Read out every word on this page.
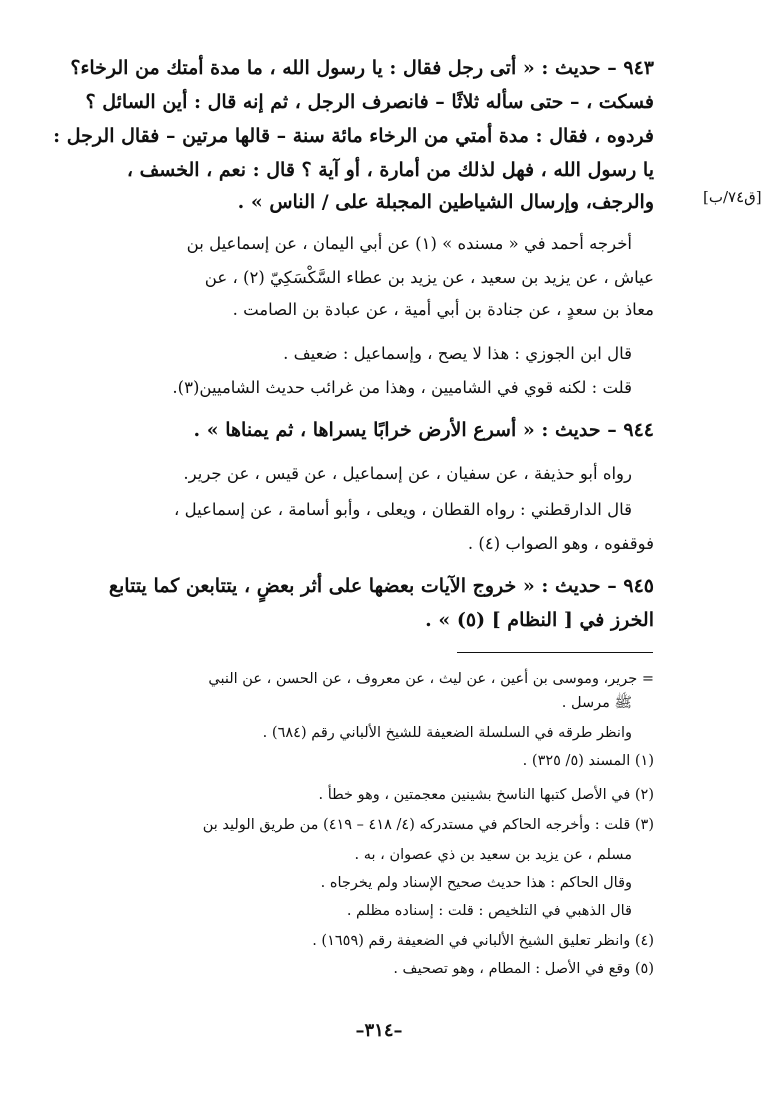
٩٤٣ – حديث : « أتى رجل فقال : يا رسول الله ، ما مدة أمتك من الرخاء؟
فسكت ، – حتى سأله ثلاثًا – فانصرف الرجل ، ثم إنه قال : أين السائل ؟
فردوه ، فقال : مدة أمتي من الرخاء مائة سنة – قالها مرتين – فقال الرجل :
يا رسول الله ، فهل لذلك من أمارة ، أو آية ؟ قال : نعم ، الخسف ،
والرجف، وإرسال الشياطين المجبلة على / الناس » .	[ق٧٤/ب]
أخرجه أحمد في « مسنده » (١) عن أبي اليمان ، عن إسماعيل بن
عياش ، عن يزيد بن سعيد ، عن يزيد بن عطاء السَّكْسَكِيّ (٢) ، عن
معاذ بن سعدٍ ، عن جنادة بن أبي أمية ، عن عبادة بن الصامت .
قال ابن الجوزي : هذا لا يصح ، وإسماعيل : ضعيف .
قلت : لكنه قوي في الشاميين ، وهذا من غرائب حديث الشاميين(٣).
٩٤٤ – حديث : « أسرع الأرض خرابًا يسراها ، ثم يمناها » .
رواه أبو حذيفة ، عن سفيان ، عن إسماعيل ، عن قيس ، عن جرير.
قال الدارقطني : رواه القطان ، ويعلى ، وأبو أسامة ، عن إسماعيل ،
فوقفوه ، وهو الصواب (٤) .
٩٤٥ – حديث : « خروج الآيات بعضها على أثر بعضٍ ، يتتابعن كما يتتابع
الخرز في [ النظام ] (٥) » .
= جرير، وموسى بن أعين ، عن ليث ، عن معروف ، عن الحسن ، عن النبي
ﷺ مرسل .
وانظر طرقه في السلسلة الضعيفة للشيخ الألباني رقم (٦٨٤) .
(١) المسند (٥/ ٣٢٥) .
(٢) في الأصل كتبها الناسخ بشينين معجمتين ، وهو خطأ .
(٣) قلت : وأخرجه الحاكم في مستدركه (٤/ ٤١٨ – ٤١٩) من طريق الوليد بن
مسلم ، عن يزيد بن سعيد بن ذي عصوان ، به .
وقال الحاكم : هذا حديث صحيح الإسناد ولم يخرجاه .
قال الذهبي في التلخيص : قلت : إسناده مظلم .
(٤) وانظر تعليق الشيخ الألباني في الضعيفة رقم (١٦٥٩) .
(٥) وقع في الأصل : المطام ، وهو تصحيف .
–٣١٤–
